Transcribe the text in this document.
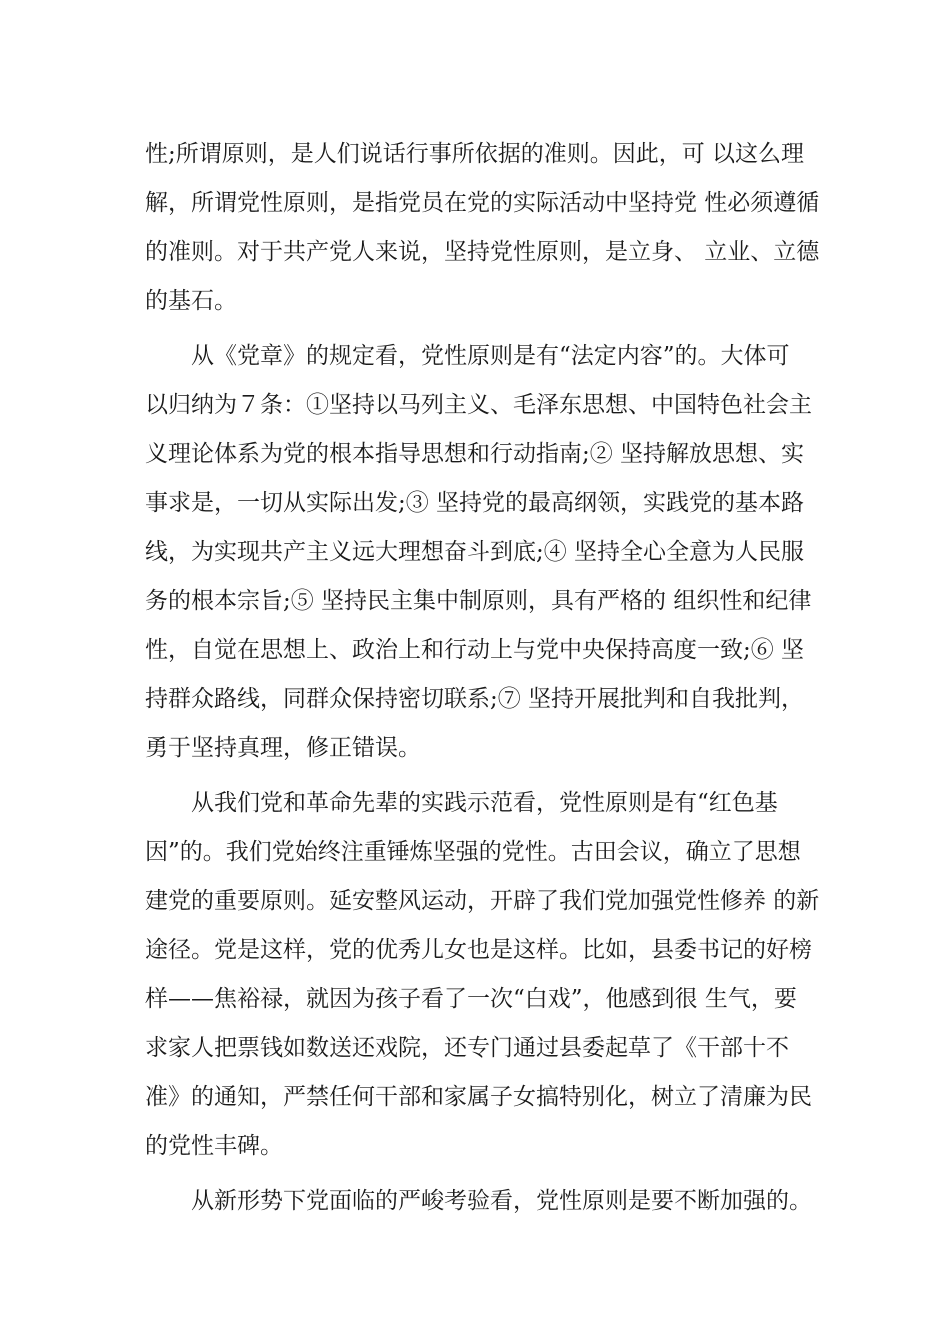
性;所谓原则，是人们说话行事所依据的准则。因此，可 以这么理
解，所谓党性原则，是指党员在党的实际活动中坚持党 性必须遵循
的准则。对于共产党人来说，坚持党性原则，是立身、 立业、立德
的基石。
　　从《党章》的规定看，党性原则是有“法定内容”的。大体可
以归纳为７条：①坚持以马列主义、毛泽东思想、中国特色社会主
义理论体系为党的根本指导思想和行动指南;② 坚持解放思想、实
事求是，一切从实际出发;③ 坚持党的最高纲领，实践党的基本路
线，为实现共产主义远大理想奋斗到底;④ 坚持全心全意为人民服
务的根本宗旨;⑤ 坚持民主集中制原则，具有严格的 组织性和纪律
性，自觉在思想上、政治上和行动上与党中央保持高度一致;⑥ 坚
持群众路线，同群众保持密切联系;⑦ 坚持开展批判和自我批判，
勇于坚持真理，修正错误。
　　从我们党和革命先辈的实践示范看，党性原则是有“红色基
因”的。我们党始终注重锤炼坚强的党性。古田会议，确立了思想
建党的重要原则。延安整风运动，开辟了我们党加强党性修养 的新
途径。党是这样，党的优秀儿女也是这样。比如，县委书记的好榜
样——焦裕禄，就因为孩子看了一次“白戏”，他感到很 生气，要
求家人把票钱如数送还戏院，还专门通过县委起草了《干部十不
准》的通知，严禁任何干部和家属子女搞特别化，树立了清廉为民
的党性丰碑。
　　从新形势下党面临的严峻考验看，党性原则是要不断加强的。
